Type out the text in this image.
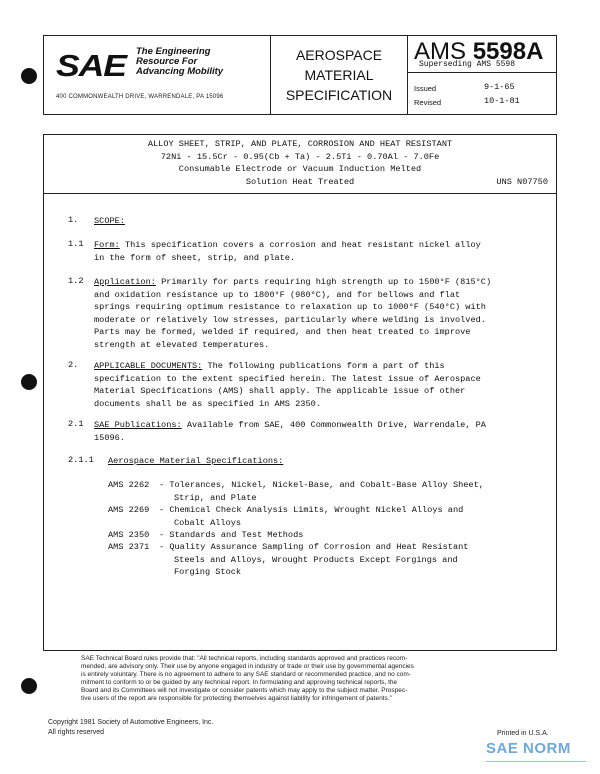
SAE The Engineering
Resource For
Advancing Mobility
400 COMMONWEALTH DRIVE, WARRENDALE, PA 15096
AEROSPACE
MATERIAL
SPECIFICATION
AMS 5598A
Superseding AMS 5598
Issued	9-1-65
Revised	10-1-81
ALLOY SHEET, STRIP, AND PLATE, CORROSION AND HEAT RESISTANT
72Ni - 15.5Cr - 0.95(Cb + Ta) - 2.5Ti - 0.70Al - 7.0Fe
Consumable Electrode or Vacuum Induction Melted
Solution Heat Treated	UNS N07750
1. SCOPE:
1.1 Form: This specification covers a corrosion and heat resistant nickel alloy
in the form of sheet, strip, and plate.
1.2 Application: Primarily for parts requiring high strength up to 1500°F (815°C)
and oxidation resistance up to 1800°F (980°C), and for bellows and flat
springs requiring optimum resistance to relaxation up to 1000°F (540°C) with
moderate or relatively low stresses, particularly where welding is involved.
Parts may be formed, welded if required, and then heat treated to improve
strength at elevated temperatures.
2. APPLICABLE DOCUMENTS: The following publications form a part of this
specification to the extent specified herein. The latest issue of Aerospace
Material Specifications (AMS) shall apply. The applicable issue of other
documents shall be as specified in AMS 2350.
2.1 SAE Publications: Available from SAE, 400 Commonwealth Drive, Warrendale, PA
15096.
2.1.1 Aerospace Material Specifications:
AMS 2262 - Tolerances, Nickel, Nickel-Base, and Cobalt-Base Alloy Sheet,
Strip, and Plate
AMS 2269 - Chemical Check Analysis Limits, Wrought Nickel Alloys and
Cobalt Alloys
AMS 2350 - Standards and Test Methods
AMS 2371 - Quality Assurance Sampling of Corrosion and Heat Resistant
Steels and Alloys, Wrought Products Except Forgings and
Forging Stock
SAE Technical Board rules provide that: "All technical reports, including standards approved and practices recom-
mended, are advisory only. Their use by anyone engaged in industry or trade or their use by governmental agencies
is entirely voluntary. There is no agreement to adhere to any SAE standard or recommended practice, and no com-
mitment to conform to or be guided by any technical report. In formulating and approving technical reports, the
Board and its Committees will not investigate or consider patents which may apply to the subject matter. Prospec-
tive users of the report are responsible for protecting themselves against liability for infringement of patents."
Copyright 1981 Society of Automotive Engineers, Inc.
All rights reserved	Printed in U.S.A.
SAE NORM
